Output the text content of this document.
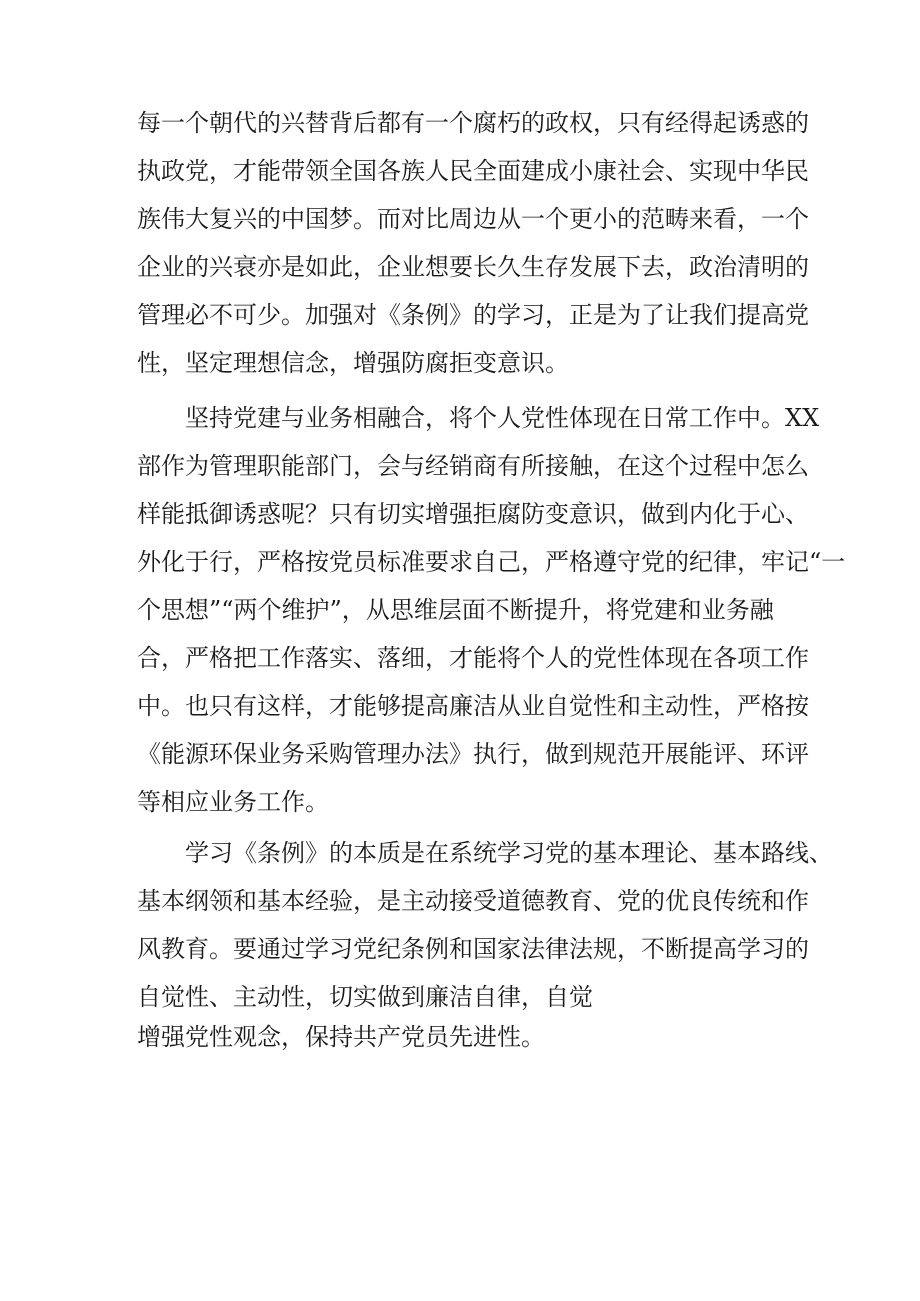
每一个朝代的兴替背后都有一个腐朽的政权，只有经得起诱惑的
执政党，才能带领全国各族人民全面建成小康社会、实现中华民
族伟大复兴的中国梦。而对比周边从一个更小的范畴来看，一个
企业的兴衰亦是如此，企业想要长久生存发展下去，政治清明的
管理必不可少。加强对《条例》的学习，正是为了让我们提高党
性，坚定理想信念，增强防腐拒变意识。
坚持党建与业务相融合，将个人党性体现在日常工作中。XX
部作为管理职能部门，会与经销商有所接触，在这个过程中怎么
样能抵御诱惑呢？只有切实增强拒腐防变意识，做到内化于心、
外化于行，严格按党员标准要求自己，严格遵守党的纪律，牢记“一
个思想”“两个维护”，从思维层面不断提升，将党建和业务融
合，严格把工作落实、落细，才能将个人的党性体现在各项工作
中。也只有这样，才能够提高廉洁从业自觉性和主动性，严格按
《能源环保业务采购管理办法》执行，做到规范开展能评、环评
等相应业务工作。
学习《条例》的本质是在系统学习党的基本理论、基本路线、
基本纲领和基本经验，是主动接受道德教育、党的优良传统和作
风教育。要通过学习党纪条例和国家法律法规，不断提高学习的
自觉性、主动性，切实做到廉洁自律，自觉
增强党性观念，保持共产党员先进性。
